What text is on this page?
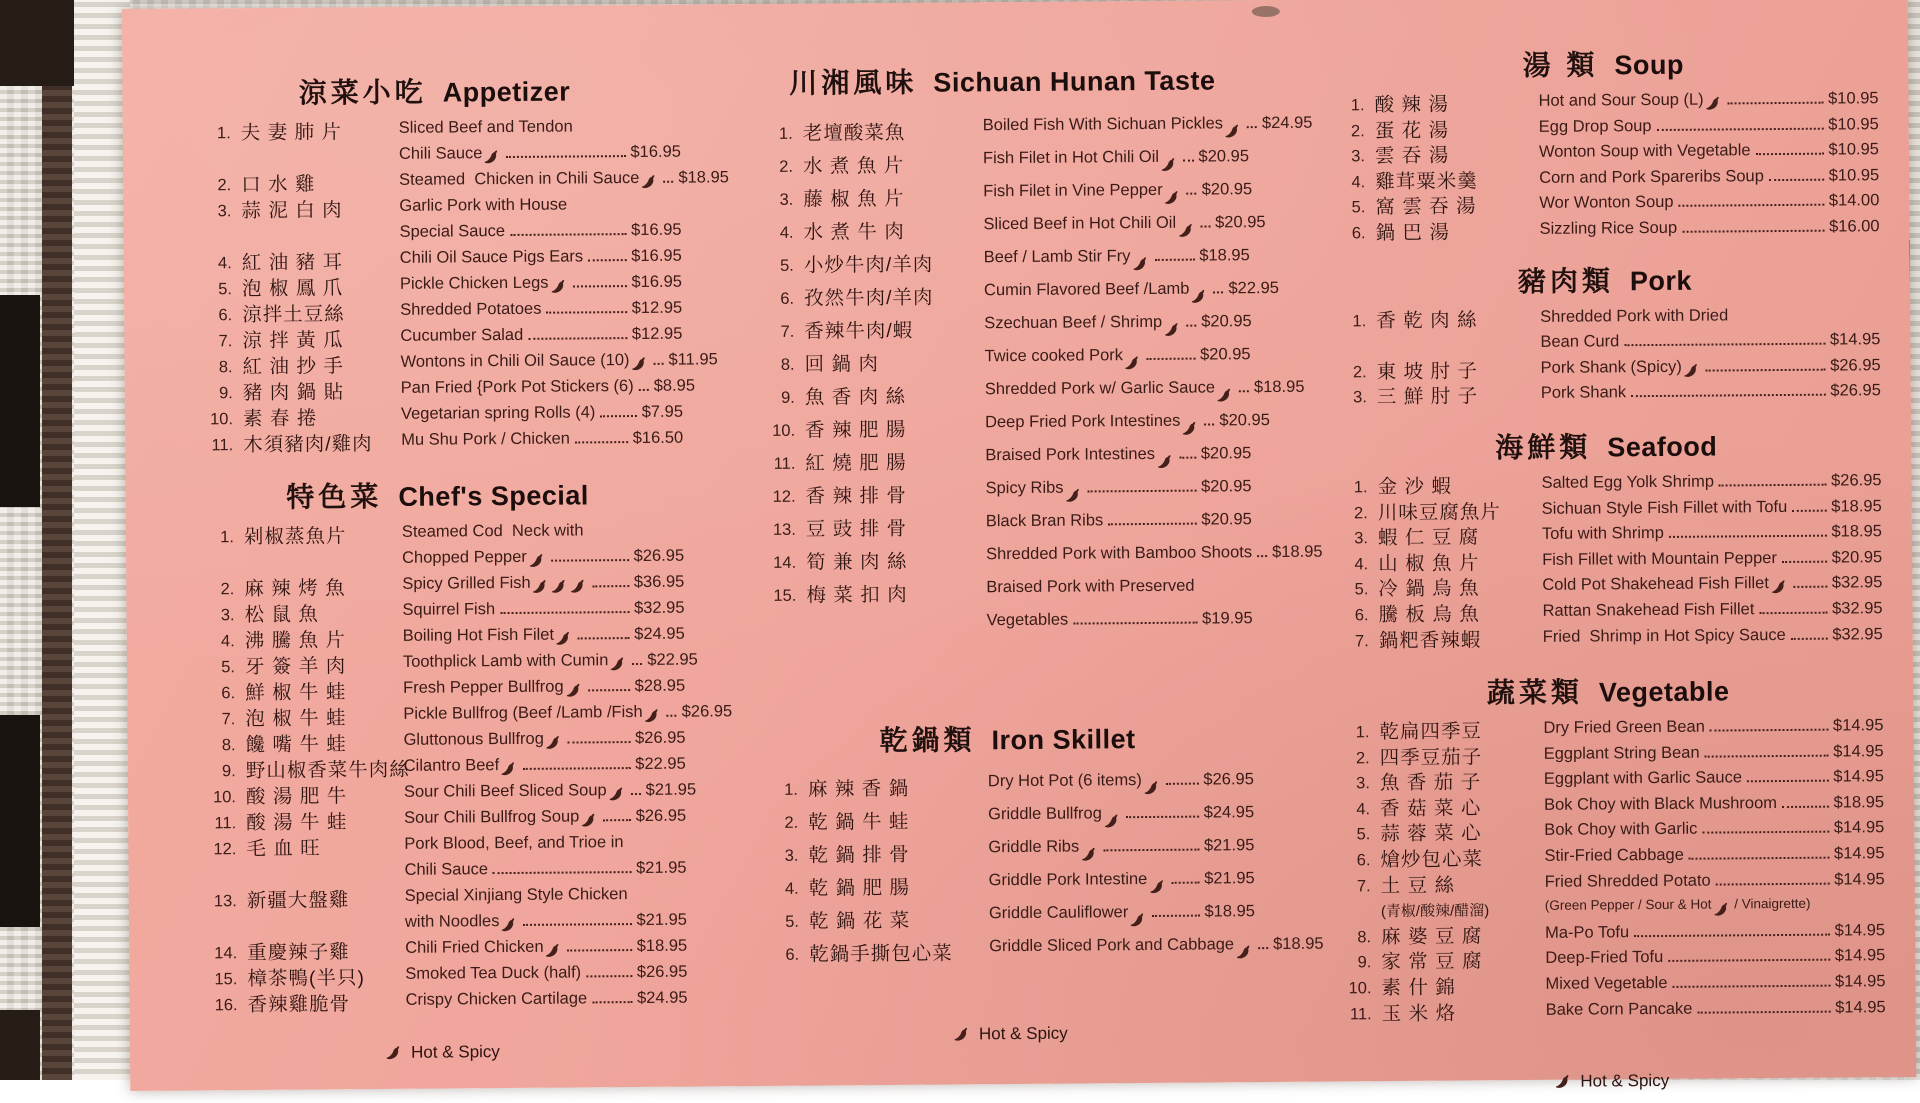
涼菜小吃 Appetizer
1. 夫 妻 肺 片	Sliced Beef and Tendon
Chili Sauce	$16.95
2. 口 水 雞	Steamed  Chicken in Chili Sauce $18.95
3. 蒜 泥 白 肉	Garlic Pork with House
Special Sauce	$16.95
4. 紅 油 豬 耳	Chili Oil Sauce Pigs Ears	$16.95
5. 泡 椒 鳳 爪	Pickle Chicken Legs	$16.95
6. 涼拌土豆絲	Shredded Potatoes	$12.95
7. 涼 拌 黃 瓜	Cucumber Salad	$12.95
8. 紅 油 抄 手	Wontons in Chili Oil Sauce (10) $11.95
9. 豬 肉 鍋 貼	Pan Fried {Pork Pot Stickers (6) $8.95
10. 素 春 捲	Vegetarian spring Rolls (4)	$7.95
11. 木須豬肉/雞肉	Mu Shu Pork / Chicken	$16.50
特色菜 Chef's Special
1. 剁椒蒸魚片	Steamed Cod  Neck with
Chopped Pepper	$26.95
2. 麻 辣 烤 魚	Spicy Grilled Fish	$36.95
3. 松 鼠 魚	Squirrel Fish	$32.95
4. 沸 騰 魚 片	Boiling Hot Fish Filet	$24.95
5. 牙 簽 羊 肉	Toothplick Lamb with Cumin $22.95
6. 鮮 椒 牛 蛙	Fresh Pepper Bullfrog	$28.95
7. 泡 椒 牛 蛙	Pickle Bullfrog (Beef /Lamb /Fish $26.95
8. 饞 嘴 牛 蛙	Gluttonous Bullfrog	$26.95
9. 野山椒香菜牛肉絲
Cilantro Beef	$22.95
10. 酸 湯 肥 牛	Sour Chili Beef Sliced Soup $21.95
11. 酸 湯 牛 蛙	Sour Chili Bullfrog Soup	$26.95
12. 毛 血 旺	Pork Blood, Beef, and Trioe in
Chili Sauce	$21.95
13. 新疆大盤雞	Special Xinjiang Style Chicken
with Noodles	$21.95
14. 重慶辣子雞	Chili Fried Chicken	$18.95
15. 樟茶鴨(半只)	Smoked Tea Duck (half)	$26.95
16. 香辣雞脆骨	Crispy Chicken Cartilage	$24.95
Hot & Spicy
川湘風味 Sichuan Hunan Taste
1. 老壇酸菜魚	Boiled Fish With Sichuan Pickles $24.95
2. 水 煮 魚 片	Fish Filet in Hot Chili Oil $20.95
3. 藤 椒 魚 片	Fish Filet in Vine Pepper $20.95
4. 水 煮 牛 肉	Sliced Beef in Hot Chili Oil $20.95
5. 小炒牛肉/羊肉	Beef / Lamb Stir Fry	$18.95
6. 孜然牛肉/羊肉	Cumin Flavored Beef /Lamb $22.95
7. 香辣牛肉/蝦	Szechuan Beef / Shrimp $20.95
8. 回 鍋 肉	Twice cooked Pork	$20.95
9. 魚 香 肉 絲	Shredded Pork w/ Garlic Sauce $18.95
10. 香 辣 肥 腸	Deep Fried Pork Intestines $20.95
11. 紅 燒 肥 腸	Braised Pork Intestines	$20.95
12. 香 辣 排 骨	Spicy Ribs	$20.95
13. 豆 豉 排 骨	Black Bran Ribs	$20.95
14. 筍 兼 肉 絲	Shredded Pork with Bamboo Shoots $18.95
15. 梅 菜 扣 肉	Braised Pork with Preserved
Vegetables	$19.95
乾鍋類 Iron Skillet
1. 麻 辣 香 鍋	Dry Hot Pot (6 items)	$26.95
2. 乾 鍋 牛 蛙	Griddle Bullfrog	$24.95
3. 乾 鍋 排 骨	Griddle Ribs	$21.95
4. 乾 鍋 肥 腸	Griddle Pork Intestine	$21.95
5. 乾 鍋 花 菜	Griddle Cauliflower	$18.95
6. 乾鍋手撕包心菜	Griddle Sliced Pork and Cabbage $18.95
Hot & Spicy
湯 類 Soup
1. 酸 辣 湯	Hot and Sour Soup (L)	$10.95
2. 蛋 花 湯	Egg Drop Soup	$10.95
3. 雲 吞 湯	Wonton Soup with Vegetable	$10.95
4. 雞茸粟米羹	Corn and Pork Spareribs Soup	$10.95
5. 窩 雲 吞 湯	Wor Wonton Soup	$14.00
6. 鍋 巴 湯	Sizzling Rice Soup	$16.00
豬肉類 Pork
1. 香 乾 肉 絲	Shredded Pork with Dried
Bean Curd	$14.95
2. 東 坡 肘 子	Pork Shank (Spicy)	$26.95
3. 三 鮮 肘 子	Pork Shank	$26.95
海鮮類 Seafood
1. 金 沙 蝦	Salted Egg Yolk Shrimp	$26.95
2. 川味豆腐魚片	Sichuan Style Fish Fillet with Tofu	$18.95
3. 蝦 仁 豆 腐	Tofu with Shrimp	$18.95
4. 山 椒 魚 片	Fish Fillet with Mountain Pepper	$20.95
5. 冷 鍋 烏 魚	Cold Pot Shakehead Fish Fillet	$32.95
6. 騰 板 烏 魚	Rattan Snakehead Fish Fillet	$32.95
7. 鍋粑香辣蝦	Fried  Shrimp in Hot Spicy Sauce	$32.95
蔬菜類 Vegetable
1. 乾扁四季豆	Dry Fried Green Bean	$14.95
2. 四季豆茄子	Eggplant String Bean	$14.95
3. 魚 香 茄 子	Eggplant with Garlic Sauce	$14.95
4. 香 菇 菜 心	Bok Choy with Black Mushroom	$18.95
5. 蒜 蓉 菜 心	Bok Choy with Garlic	$14.95
6. 熗炒包心菜	Stir-Fried Cabbage	$14.95
7. 土 豆 絲
(青椒/酸辣/醋溜)
Fried Shredded Potato	$14.95
(Green Pepper / Sour & Hot / Vinaigrette)
8. 麻 婆 豆 腐	Ma-Po Tofu	$14.95
9. 家 常 豆 腐	Deep-Fried Tofu	$14.95
10. 素 什 錦	Mixed Vegetable	$14.95
11. 玉 米 烙	Bake Corn Pancake	$14.95
Hot & Spicy
